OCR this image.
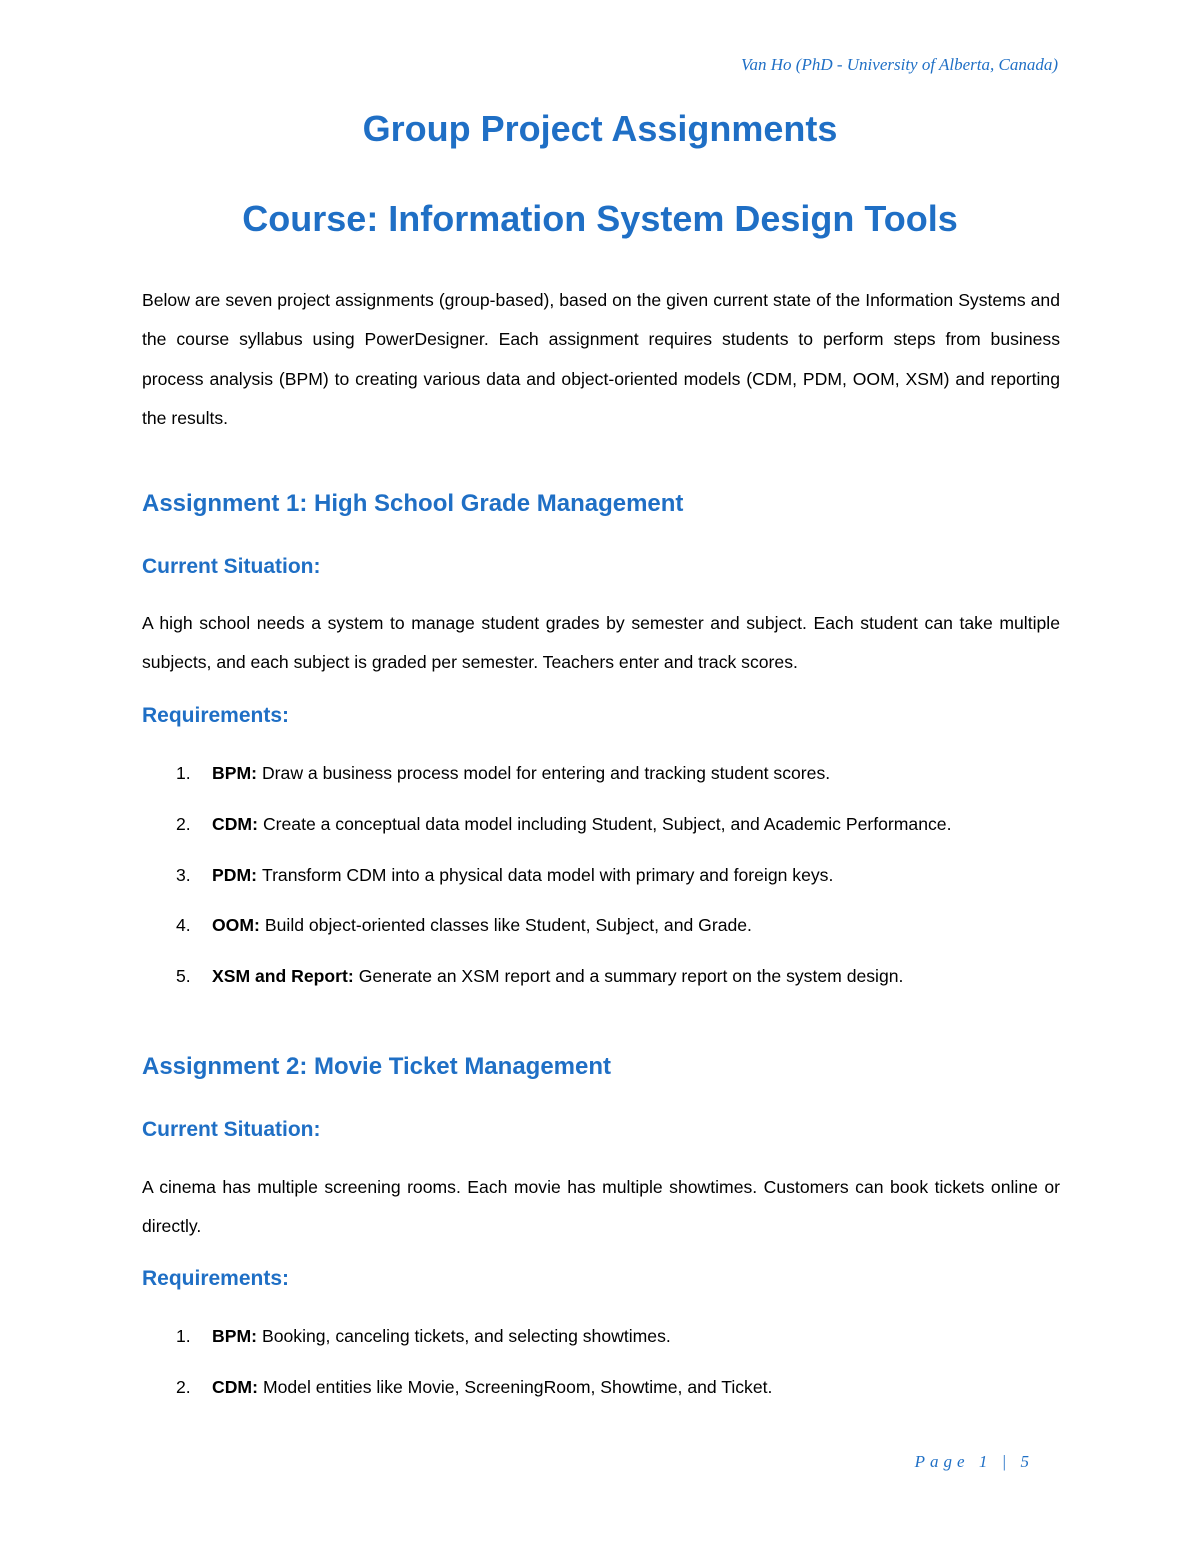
Van Ho (PhD - University of Alberta, Canada)
Group Project Assignments
Course: Information System Design Tools

Below are seven project assignments (group-based), based on the given current state of the Information Systems and the course syllabus using PowerDesigner. Each assignment requires students to perform steps from business process analysis (BPM) to creating various data and object-oriented models (CDM, PDM, OOM, XSM) and reporting the results.

Assignment 1: High School Grade Management
Current Situation:

A high school needs a system to manage student grades by semester and subject. Each student can take multiple subjects, and each subject is graded per semester. Teachers enter and track scores.

Requirements:
1.	BPM: Draw a business process model for entering and tracking student scores.
2.	CDM: Create a conceptual data model including Student, Subject, and Academic Performance.
3.	PDM: Transform CDM into a physical data model with primary and foreign keys.
4.	OOM: Build object-oriented classes like Student, Subject, and Grade.
5.	XSM and Report: Generate an XSM report and a summary report on the system design.
Assignment 2: Movie Ticket Management
Current Situation:

A cinema has multiple screening rooms. Each movie has multiple showtimes. Customers can book tickets online or directly.

Requirements:
1.	BPM: Booking, canceling tickets, and selecting showtimes.
2.	CDM: Model entities like Movie, ScreeningRoom, Showtime, and Ticket.
Page 1 | 5
